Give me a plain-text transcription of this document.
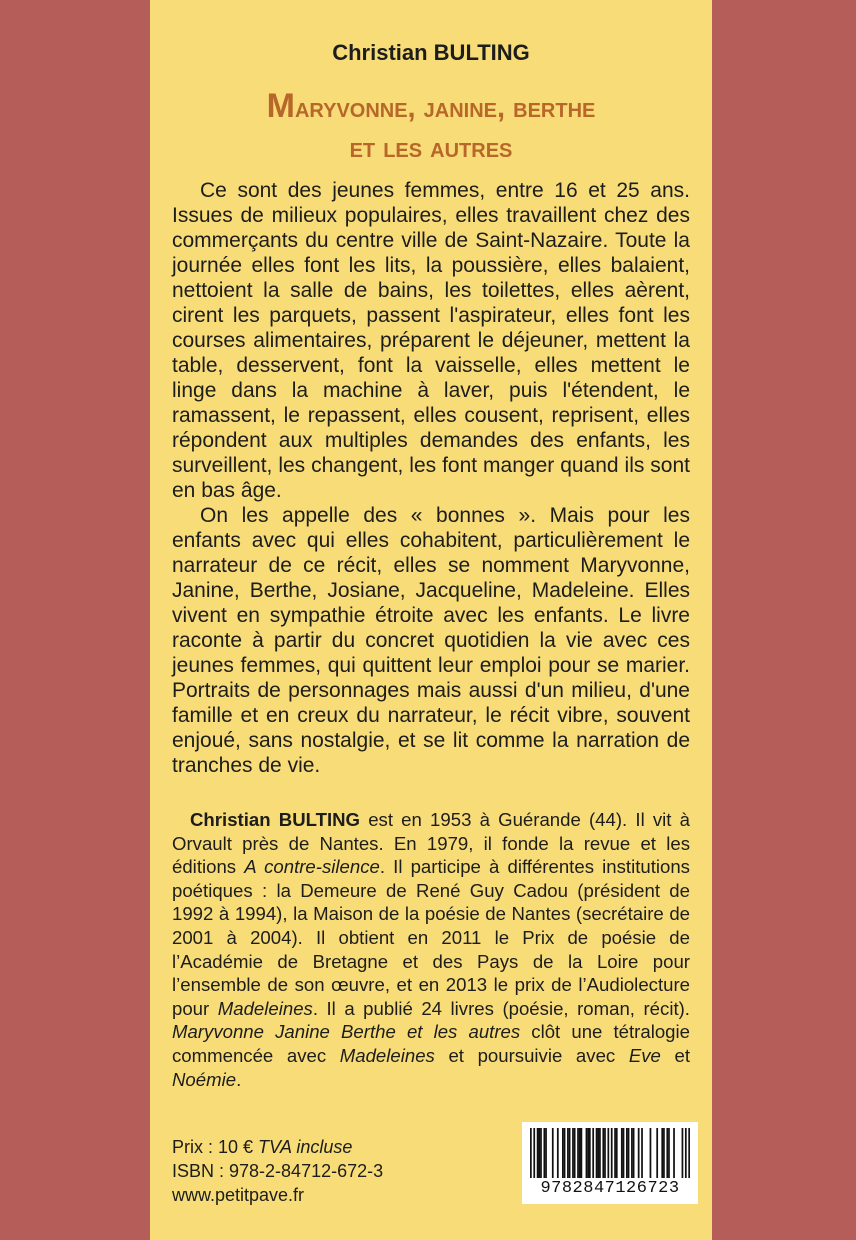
Christian BULTING
Maryvonne, janine, berthe
et les autres

Ce sont des jeunes femmes, entre 16 et 25 ans. Issues de milieux populaires, elles travaillent chez des commerçants du centre ville de Saint-Nazaire. Toute la journée elles font les lits, la poussière, elles balaient, nettoient la salle de bains, les toilettes, elles aèrent, cirent les parquets, passent l'aspirateur, elles font les courses alimentaires, préparent le déjeuner, mettent la table, desservent, font la vaisselle, elles mettent le linge dans la machine à laver, puis l'étendent, le ramassent, le repassent, elles cousent, reprisent, elles répondent aux multiples demandes des enfants, les surveillent, les changent, les font manger quand ils sont en bas âge.

On les appelle des « bonnes ». Mais pour les enfants avec qui elles cohabitent, particulièrement le narrateur de ce récit, elles se nomment Maryvonne, Janine, Berthe, Josiane, Jacqueline, Madeleine. Elles vivent en sympathie étroite avec les enfants. Le livre raconte à partir du concret quotidien la vie avec ces jeunes femmes, qui quittent leur emploi pour se marier. Portraits de personnages mais aussi d'un milieu, d'une famille et en creux du narrateur, le récit vibre, souvent enjoué, sans nostalgie, et se lit comme la narration de tranches de vie.

Christian BULTING est en 1953 à Guérande (44). Il vit à Orvault près de Nantes. En 1979, il fonde la revue et les éditions A contre-silence. Il participe à différentes institutions poétiques : la Demeure de René Guy Cadou (président de 1992 à 1994), la Maison de la poésie de Nantes (secrétaire de 2001 à 2004). Il obtient en 2011 le Prix de poésie de l’Académie de Bretagne et des Pays de la Loire pour l’ensemble de son œuvre, et en 2013 le prix de l’Audiolecture pour Madeleines. Il a publié 24 livres (poésie, roman, récit). Maryvonne Janine Berthe et les autres clôt une tétralogie commencée avec Madeleines et poursuivie avec Eve et Noémie.

Prix : 10 € TVA incluse
ISBN : 978-2-84712-672-3
www.petitpave.fr	9782847126723
